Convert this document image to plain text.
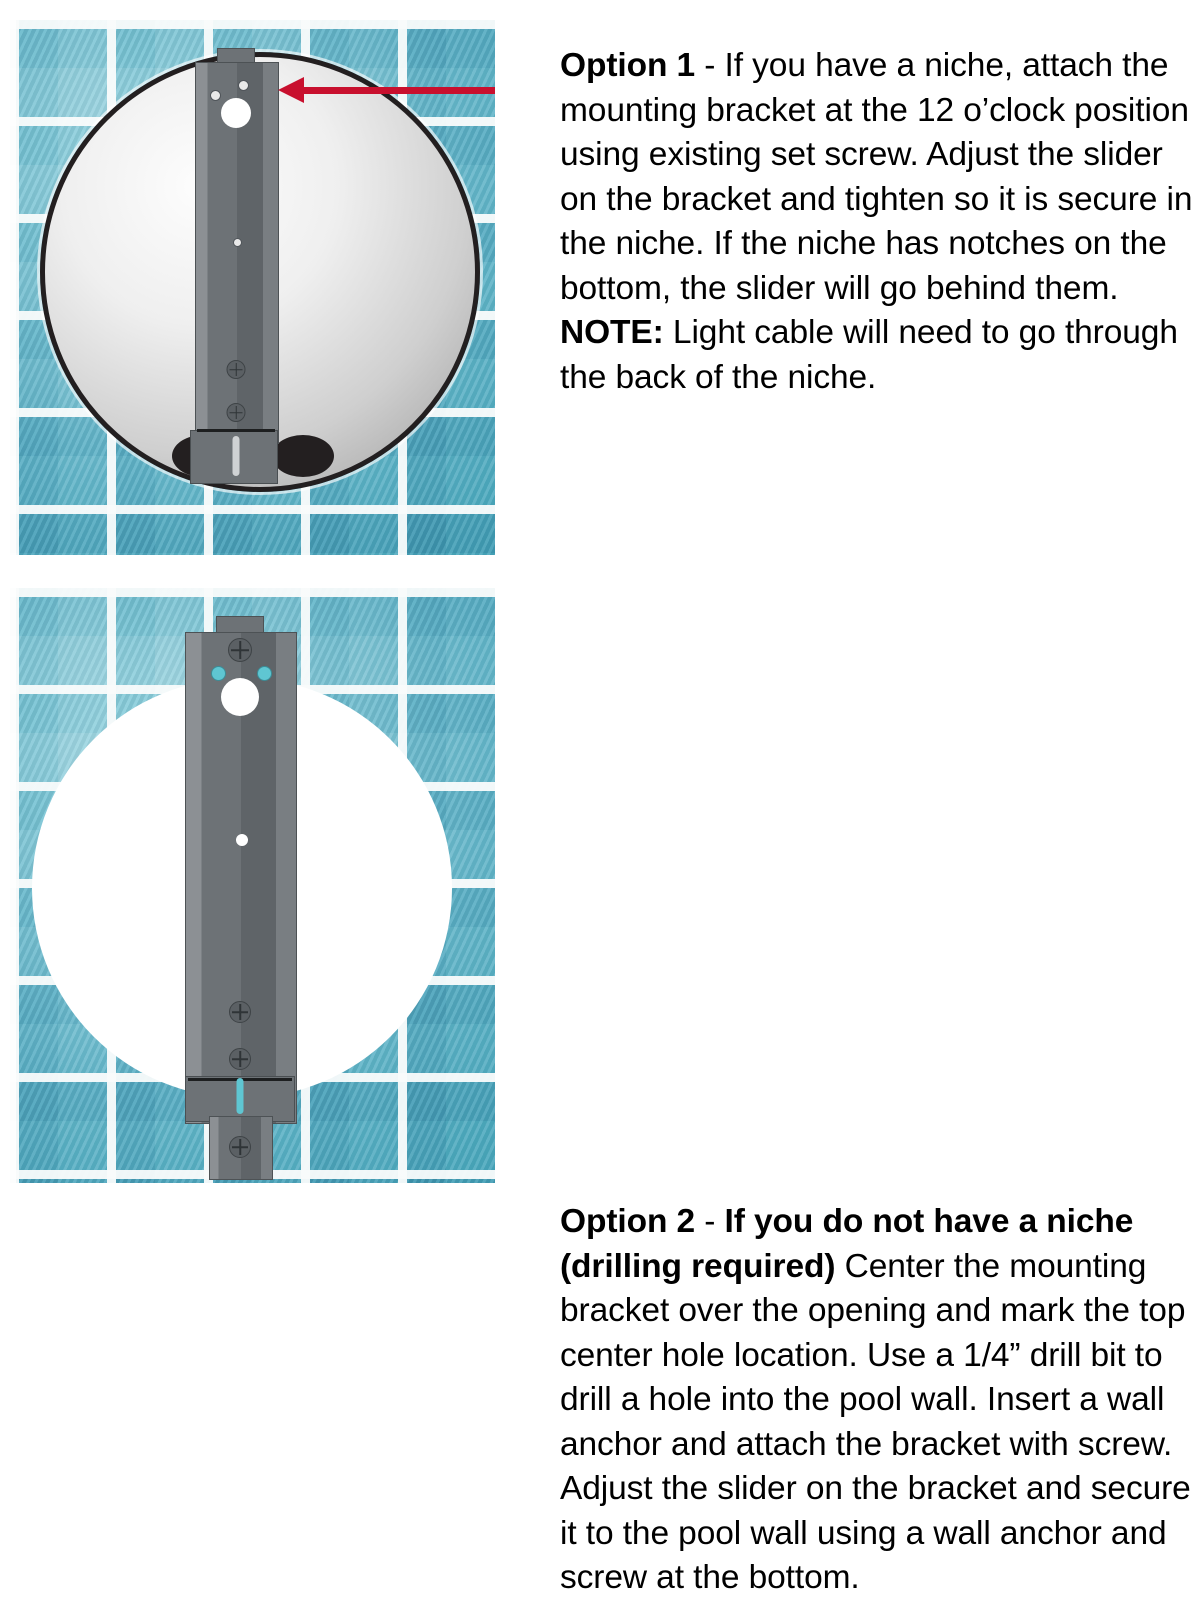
Option 1 - If you have a niche, attach the mounting bracket at the 12 o’clock position using existing set screw. Adjust the slider on the bracket and tighten so it is secure in the niche. If the niche has notches on the bottom, the slider will go behind them. NOTE: Light cable will need to go through the back of the niche.
Option 2 - If you do not have a niche (drilling required) Center the mounting bracket over the opening and mark the top center hole location. Use a 1/4” drill bit to drill a hole into the pool wall. Insert a wall anchor and attach the bracket with screw. Adjust the slider on the bracket and secure it to the pool wall using a wall anchor and screw at the bottom.
